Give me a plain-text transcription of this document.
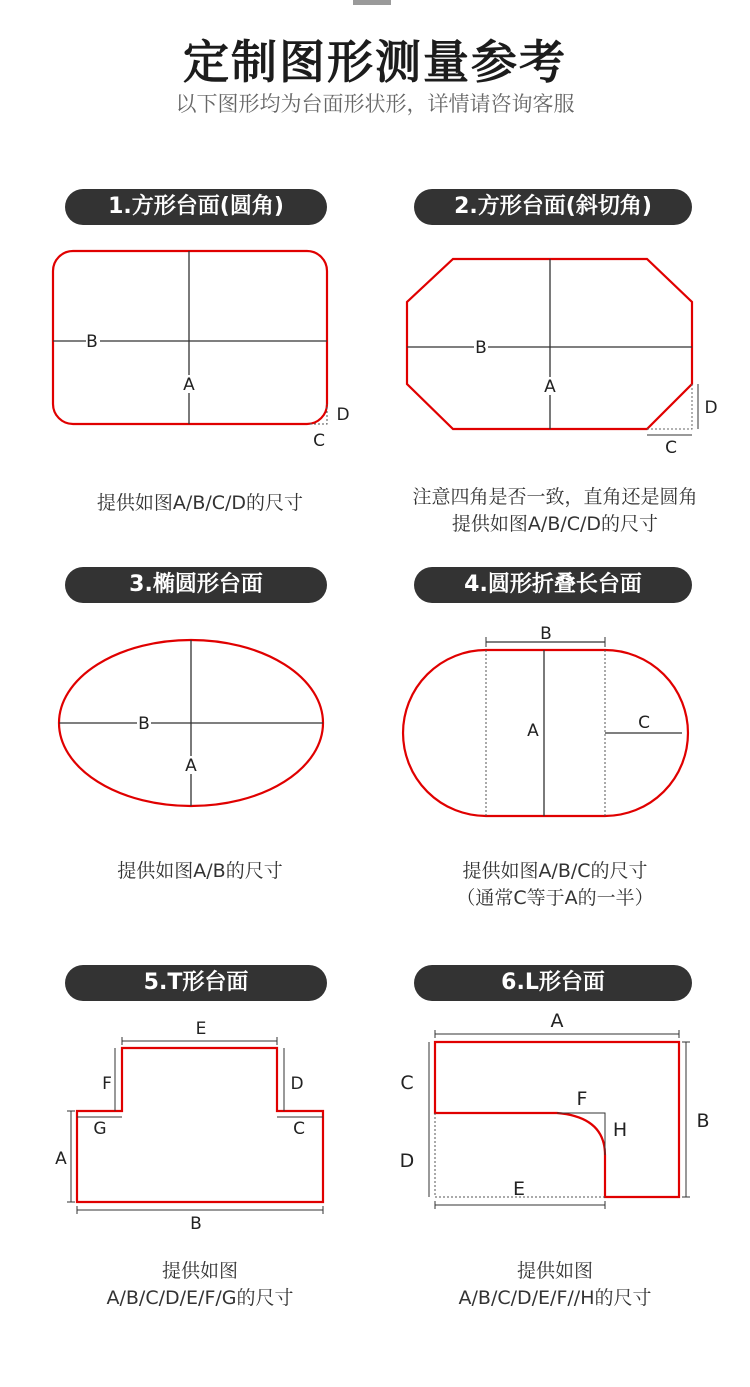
定制图形测量参考
以下图形均为台面形状形，详情请咨询客服
1.方形台面(圆角)
B
A
C
D
提供如图A/B/C/D的尺寸
2.方形台面(斜切角)
B
A
C
D
注意四角是否一致，直角还是圆角
提供如图A/B/C/D的尺寸
3.椭圆形台面
B
A
提供如图A/B的尺寸
4.圆形折叠长台面
B
A	C
提供如图A/B/C的尺寸
（通常C等于A的一半）
5.T形台面
E
F	D
G	C
A
B
提供如图
A/B/C/D/E/F/G的尺寸
6.L形台面
A
B
C
D
E
F
H
提供如图
A/B/C/D/E/F//H的尺寸
